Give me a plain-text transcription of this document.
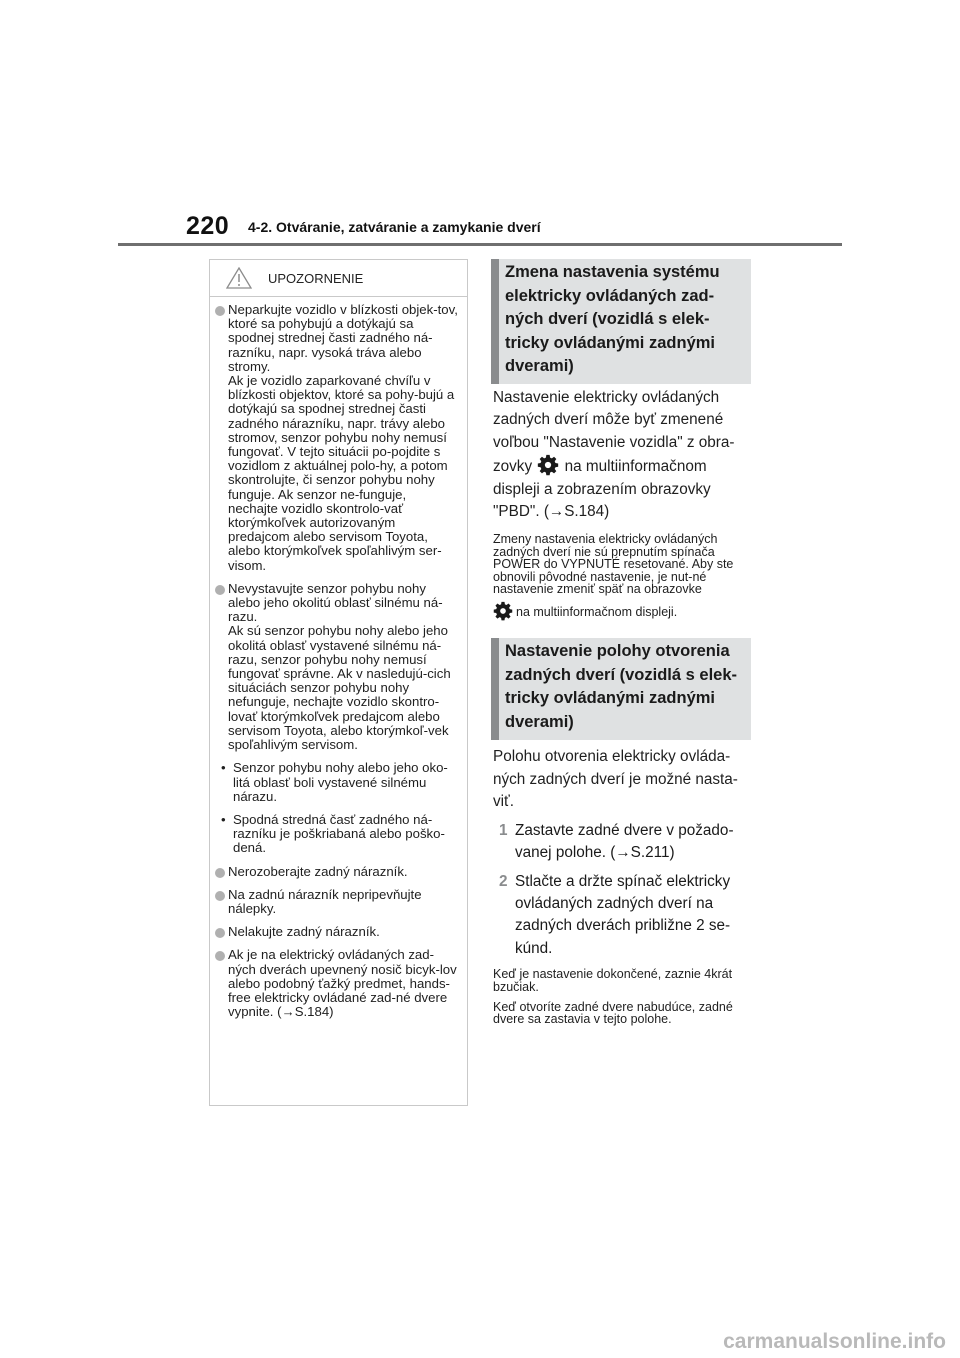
220 4-2. Otváranie, zatváranie a zamykanie dverí
UPOZORNENIE

Neparkujte vozidlo v blízkosti objek-tov, ktoré sa pohybujú a dotýkajú sa spodnej strednej časti zadného ná-razníku, napr. vysoká tráva alebo stromy.

Ak je vozidlo zaparkované chvíľu v blízkosti objektov, ktoré sa pohy-bujú a dotýkajú sa spodnej strednej časti zadného nárazníku, napr. trávy alebo stromov, senzor pohybu nohy nemusí fungovať. V tejto situácii po-pojdite s vozidlom z aktuálnej polo-hy, a potom skontrolujte, či senzor pohybu nohy funguje. Ak senzor ne-funguje, nechajte vozidlo skontrolo-vať ktorýmkoľvek autorizovaným predajcom alebo servisom Toyota, alebo ktorýmkoľvek spoľahlivým ser-visom.

Nevystavujte senzor pohybu nohy alebo jeho okolitú oblasť silnému ná-razu.

Ak sú senzor pohybu nohy alebo jeho okolitá oblasť vystavené silnému ná-razu, senzor pohybu nohy nemusí fungovať správne. Ak v nasledujú-cich situáciách senzor pohybu nohy nefunguje, nechajte vozidlo skontro-lovať ktorýmkoľvek predajcom alebo servisom Toyota, alebo ktorýmkoľ-vek spoľahlivým servisom.

• Senzor pohybu nohy alebo jeho oko-litá oblasť boli vystavené silnému nárazu.
• Spodná stredná časť zadného ná-razníku je poškriabaná alebo poško-dená.

Nerozoberajte zadný nárazník.

Na zadnú nárazník nepripevňujte nálepky.

Nelakujte zadný nárazník.

Ak je na elektrický ovládaných zad-ných dverách upevnený nosič bicyk-lov alebo podobný ťažký predmet, hands-free elektricky ovládané zad-né dvere vypnite. (→S.184)

Zmena nastavenia systému elektricky ovládaných zad-ných dverí (vozidlá s elek-tricky ovládanými zadnými dverami)

Nastavenie elektricky ovládaných zadných dverí môže byť zmenené voľbou "Nastavenie vozidla" z obra-zovky na multiinformačnom displeji a zobrazením obrazovky "PBD". (→S.184)

Zmeny nastavenia elektricky ovládaných zadných dverí nie sú prepnutím spínača POWER do VYPNUTÉ resetované. Aby ste obnovili pôvodné nastavenie, je nut-né nastavenie zmeniť späť na obrazovke

na multiinformačnom displeji.

Nastavenie polohy otvorenia zadných dverí (vozidlá s elek-tricky ovládanými zadnými dverami)

Polohu otvorenia elektricky ovláda-ných zadných dverí je možné nasta-viť.

1 Zastavte zadné dvere v požado-vanej polohe. (→S.211)
2 Stlačte a držte spínač elektricky ovládaných zadných dverí na zadných dverách približne 2 se-kúnd.

Keď je nastavenie dokončené, zaznie 4krát bzučiak.

Keď otvoríte zadné dvere nabudúce, zadné dvere sa zastavia v tejto polohe.

carmanualsonline.info
